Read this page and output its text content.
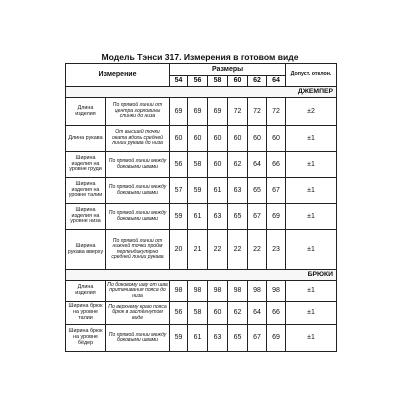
Модель Тэнси 317. Измерения в готовом виде
Измерение		Размеры						Допуст. отклон.
		54	56	58	60	62	64	
ДЖЕМПЕР								
Длина изделия	По прямой линии от центра горловины спинки до низа	69	69	69	72	72	72	±2
Длина рукава	От высшей точки оката вдоль средней линии рукава до низа	60	60	60	60	60	60	±1
Ширина изделия на уровне груди	По прямой линии между боковыми швами	56	58	60	62	64	66	±1
Ширина изделия на уровне талии	По прямой линии между боковыми швами	57	59	61	63	65	67	±1
Ширина изделия на уровне низа	По прямой линии между боковыми швами	59	61	63	65	67	69	±1
Ширина рукава вверху	По прямой линии от нижней точки пройм перпендикулярно средней линии рукава	20	21	22	22	22	23	±1
БРЮКИ								
Длина изделия	По боковому шву от шва притачивания пояса до низа	98	98	98	98	98	98	±1
Ширина брюк на уровне талии	По верхнему краю пояса брюк в застёгнутом виде	56	58	60	62	64	66	±1
Ширина брюк на уровне бёдер	По прямой линии между боковыми швами	59	61	63	65	67	69	±1
